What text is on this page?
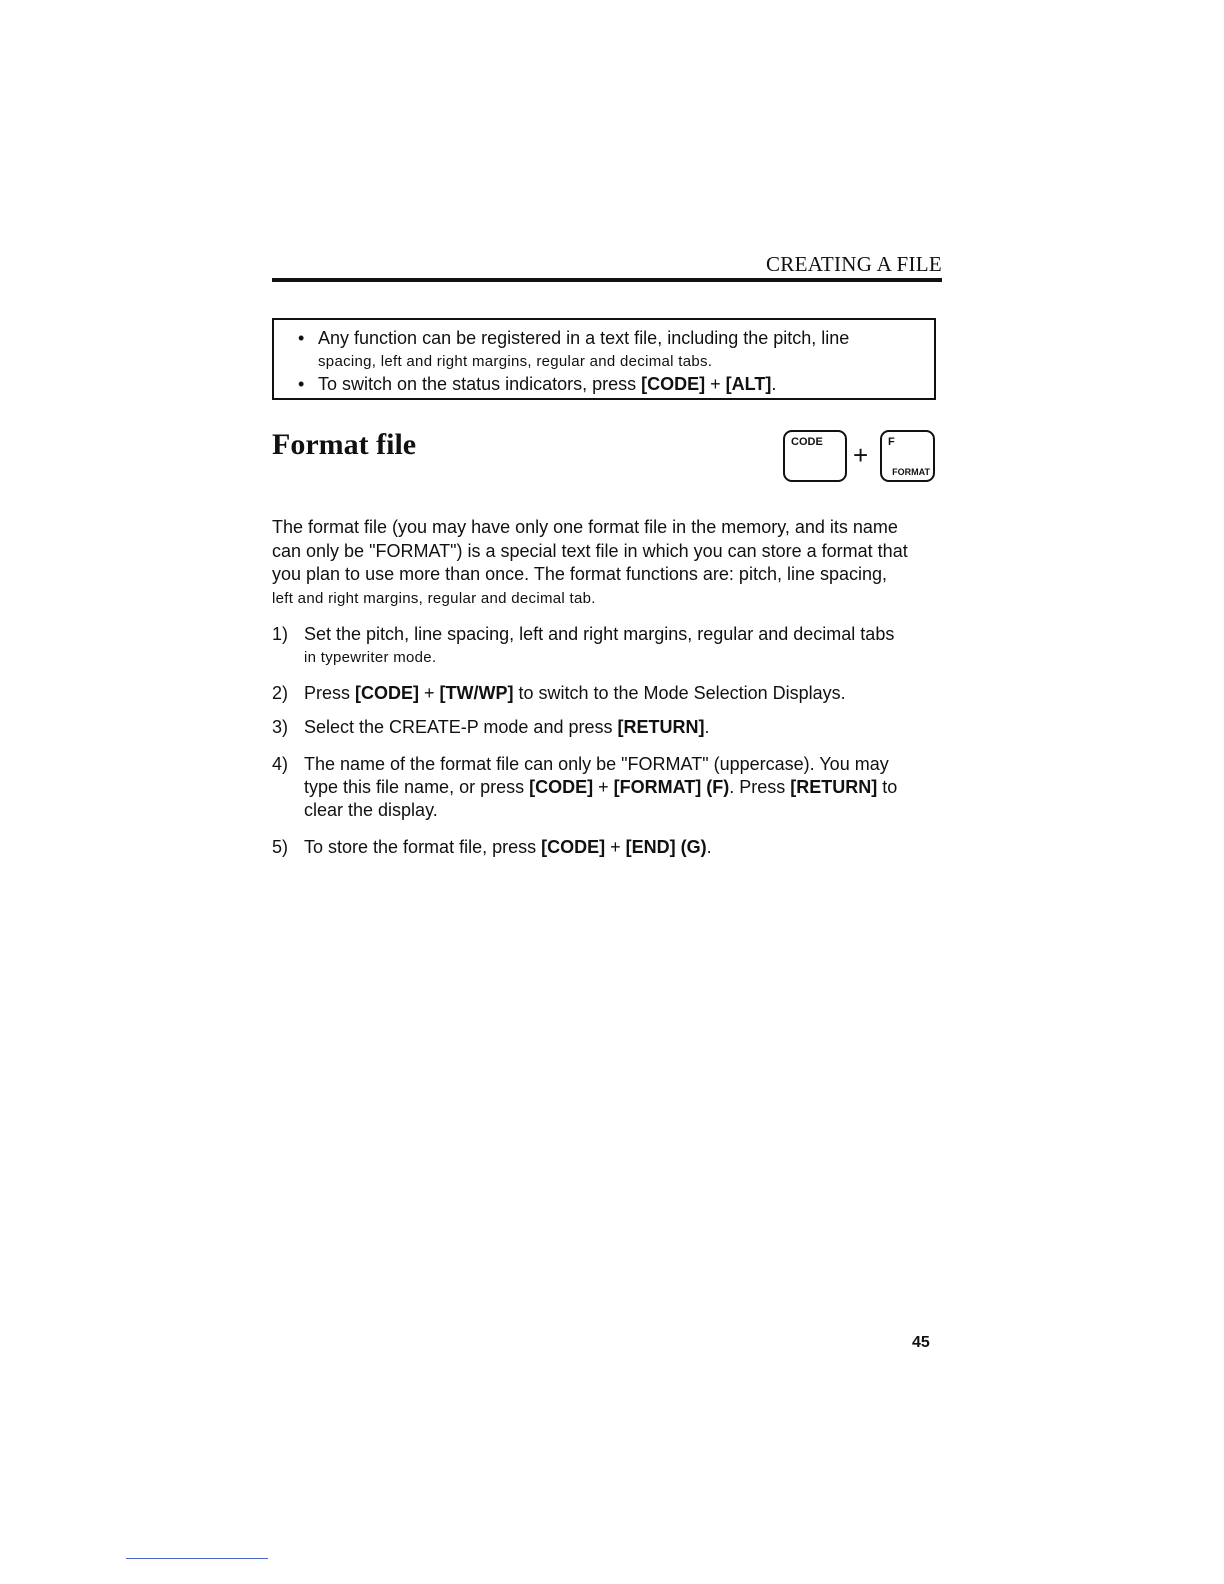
CREATING A FILE
• Any function can be registered in a text file, including the pitch, line
spacing, left and right margins, regular and decimal tabs.
• To switch on the status indicators, press [CODE] + [ALT].
Format file	CODE + F
FORMAT
The format file (you may have only one format file in the memory, and its name
can only be "FORMAT") is a special text file in which you can store a format that
you plan to use more than once. The format functions are: pitch, line spacing,
left and right margins, regular and decimal tab.
1) Set the pitch, line spacing, left and right margins, regular and decimal tabs
in typewriter mode.
2) Press [CODE] + [TW/WP] to switch to the Mode Selection Displays.
3) Select the CREATE-P mode and press [RETURN].
4) The name of the format file can only be "FORMAT" (uppercase). You may
type this file name, or press [CODE] + [FORMAT] (F). Press [RETURN] to
clear the display.
5) To store the format file, press [CODE] + [END] (G).
45
